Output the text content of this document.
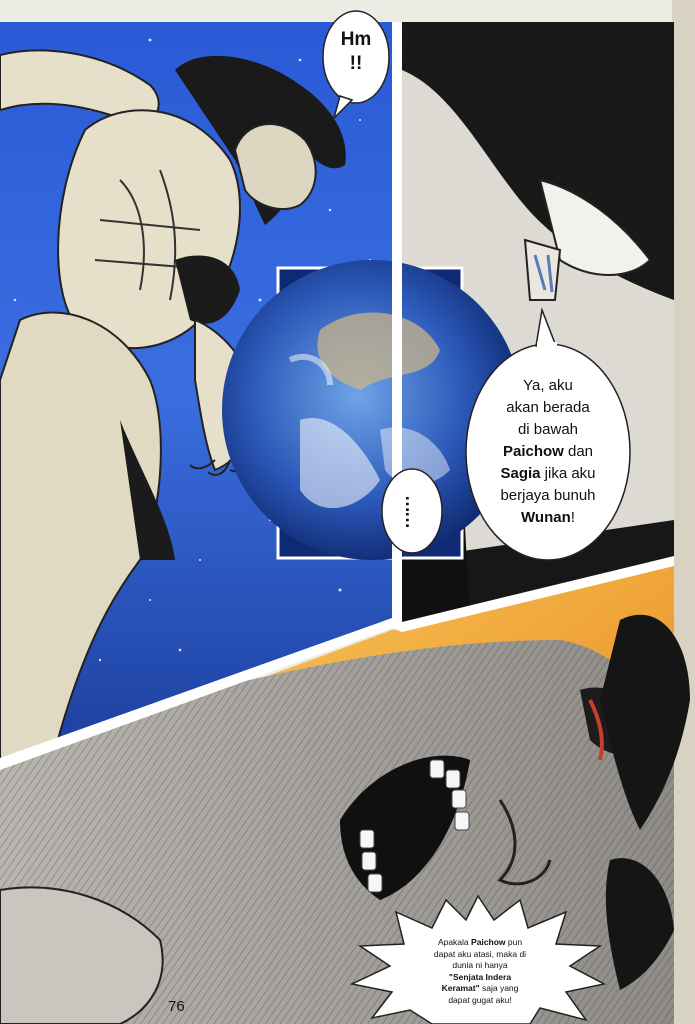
Hm
!!
……
Ya, aku
akan berada
di bawah
Paichow dan
Sagia jika aku
berjaya bunuh
Wunan!
Apakala Paichow pun
dapat aku atasi, maka di
dunia ni hanya
"Senjata Indera
Keramat" saja yang
dapat gugat aku!
76
